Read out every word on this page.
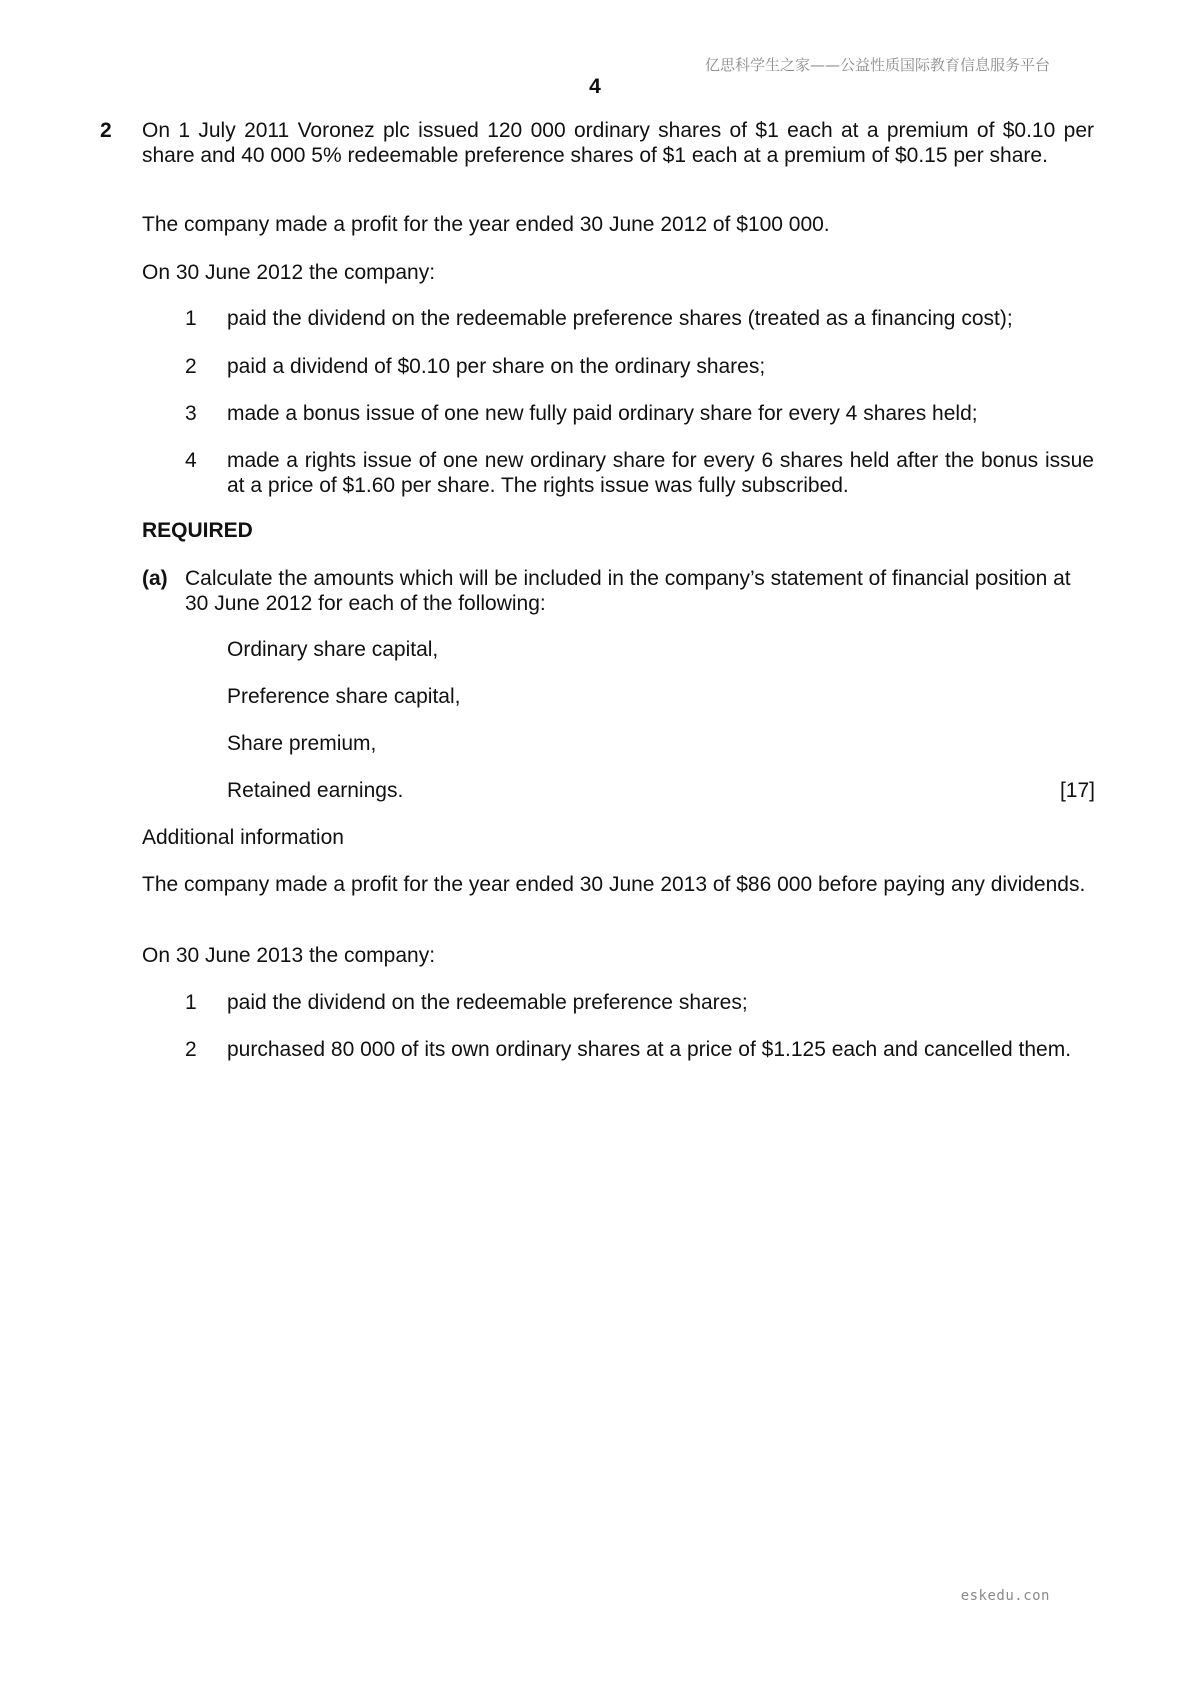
亿思科学生之家——公益性质国际教育信息服务平台
4
2 On 1 July 2011 Voronez plc issued 120 000 ordinary shares of $1 each at a premium of $0.10 per share and 40 000 5% redeemable preference shares of $1 each at a premium of $0.15 per share.
The company made a profit for the year ended 30 June 2012 of $100 000.
On 30 June 2012 the company:
1	paid the dividend on the redeemable preference shares (treated as a financing cost);
2	paid a dividend of $0.10 per share on the ordinary shares;
3	made a bonus issue of one new fully paid ordinary share for every 4 shares held;
4	made a rights issue of one new ordinary share for every 6 shares held after the bonus issue at a price of $1.60 per share. The rights issue was fully subscribed.
REQUIRED
(a) Calculate the amounts which will be included in the company’s statement of financial position at 30 June 2012 for each of the following:
Ordinary share capital,
Preference share capital,
Share premium,
Retained earnings.	[17]
Additional information
The company made a profit for the year ended 30 June 2013 of $86 000 before paying any dividends.
On 30 June 2013 the company:
1	paid the dividend on the redeemable preference shares;
2	purchased 80 000 of its own ordinary shares at a price of $1.125 each and cancelled them.
eskedu.con
